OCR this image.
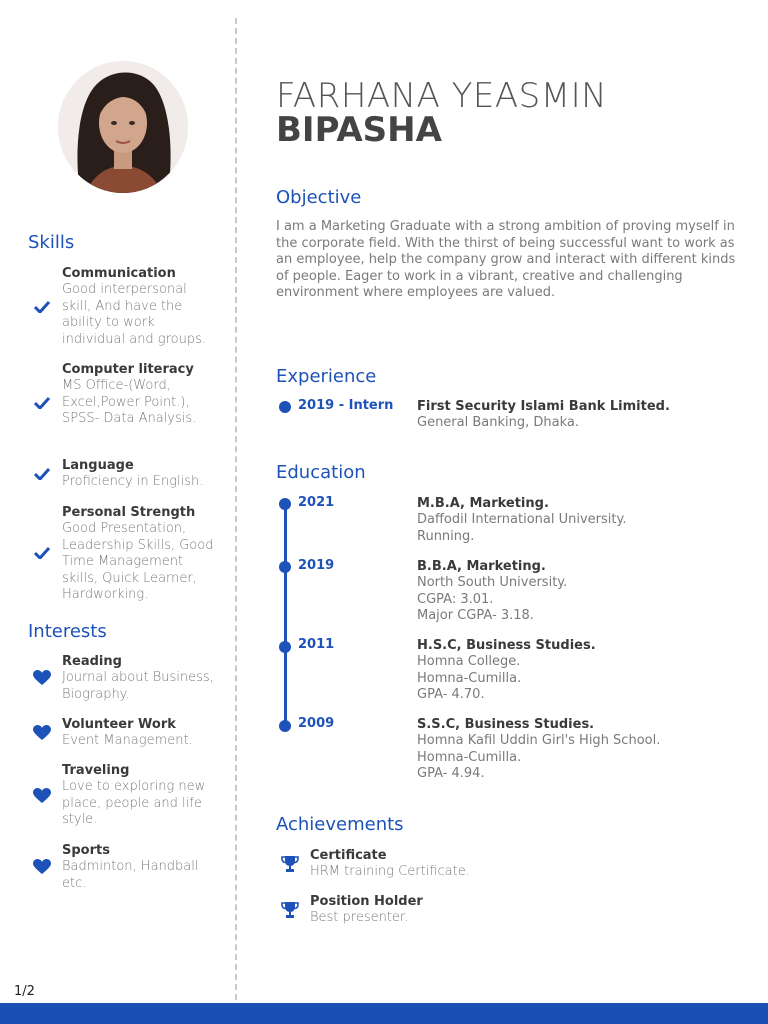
FARHANA YEASMIN
BIPASHA
Skills
Communication
Good interpersonal
skill, And have the
ability to work
individual and groups.
Computer literacy
MS Office-(Word,
Excel,Power Point.),
SPSS- Data Analysis.
Language
Proficiency in English.
Personal Strength
Good Presentation,
Leadership Skills, Good
Time Management
skills, Quick Learner,
Hardworking.
Interests
Reading
Journal about Business,
Biography.
Volunteer Work
Event Management.
Traveling
Love to exploring new
place, people and life
style.
Sports
Badminton, Handball
etc.
Objective
I am a Marketing Graduate with a strong ambition of proving myself in
the corporate field. With the thirst of being successful want to work as
an employee, help the company grow and interact with different kinds
of people. Eager to work in a vibrant, creative and challenging
environment where employees are valued.
Experience
2019 - Intern First Security Islami Bank Limited.
General Banking, Dhaka.
Education
2021	M.B.A, Marketing.
Daffodil International University.
Running.
2019	B.B.A, Marketing.
North South University.
CGPA: 3.01.
Major CGPA- 3.18.
2011	H.S.C, Business Studies.
Homna College.
Homna-Cumilla.
GPA- 4.70.
2009	S.S.C, Business Studies.
Homna Kafil Uddin Girl's High School.
Homna-Cumilla.
GPA- 4.94.
Achievements
Certificate
HRM training Certificate.
Position Holder
Best presenter.
1/2
